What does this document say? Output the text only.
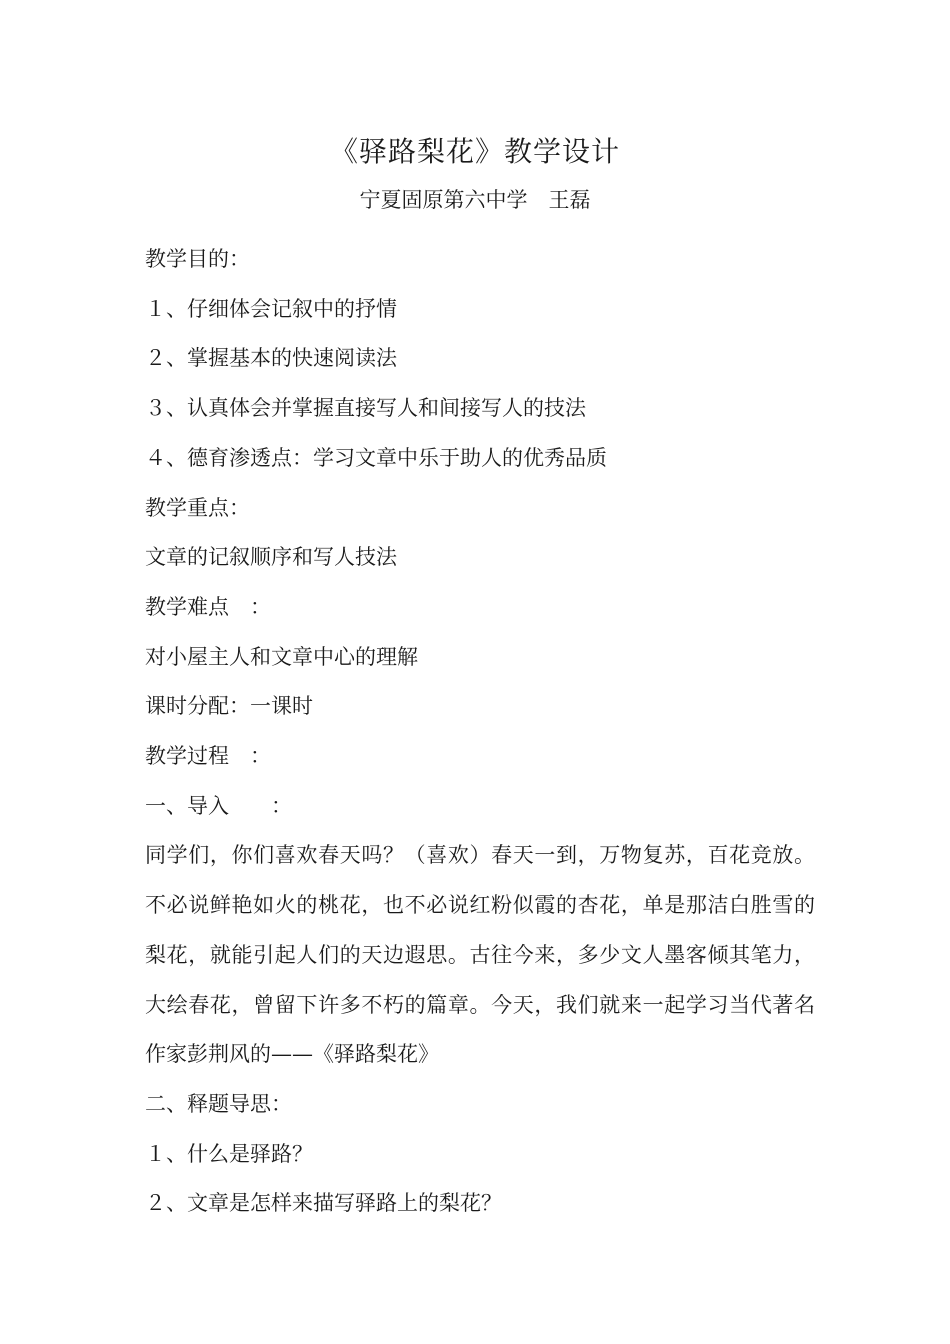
《驿路梨花》教学设计
宁夏固原第六中学　王磊

教学目的：

１、仔细体会记叙中的抒情

２、掌握基本的快速阅读法

３、认真体会并掌握直接写人和间接写人的技法

４、德育渗透点：学习文章中乐于助人的优秀品质

教学重点：

文章的记叙顺序和写人技法

教学难点　：

对小屋主人和文章中心的理解

课时分配：一课时

教学过程　：

一、导入　　：

同学们，你们喜欢春天吗？（喜欢）春天一到，万物复苏，百花竞放。不必说鲜艳如火的桃花，也不必说红粉似霞的杏花，单是那洁白胜雪的梨花，就能引起人们的天边遐思。古往今来，多少文人墨客倾其笔力，大绘春花，曾留下许多不朽的篇章。今天，我们就来一起学习当代著名作家彭荆风的——《驿路梨花》

二、释题导思：

１、什么是驿路？

２、文章是怎样来描写驿路上的梨花？
